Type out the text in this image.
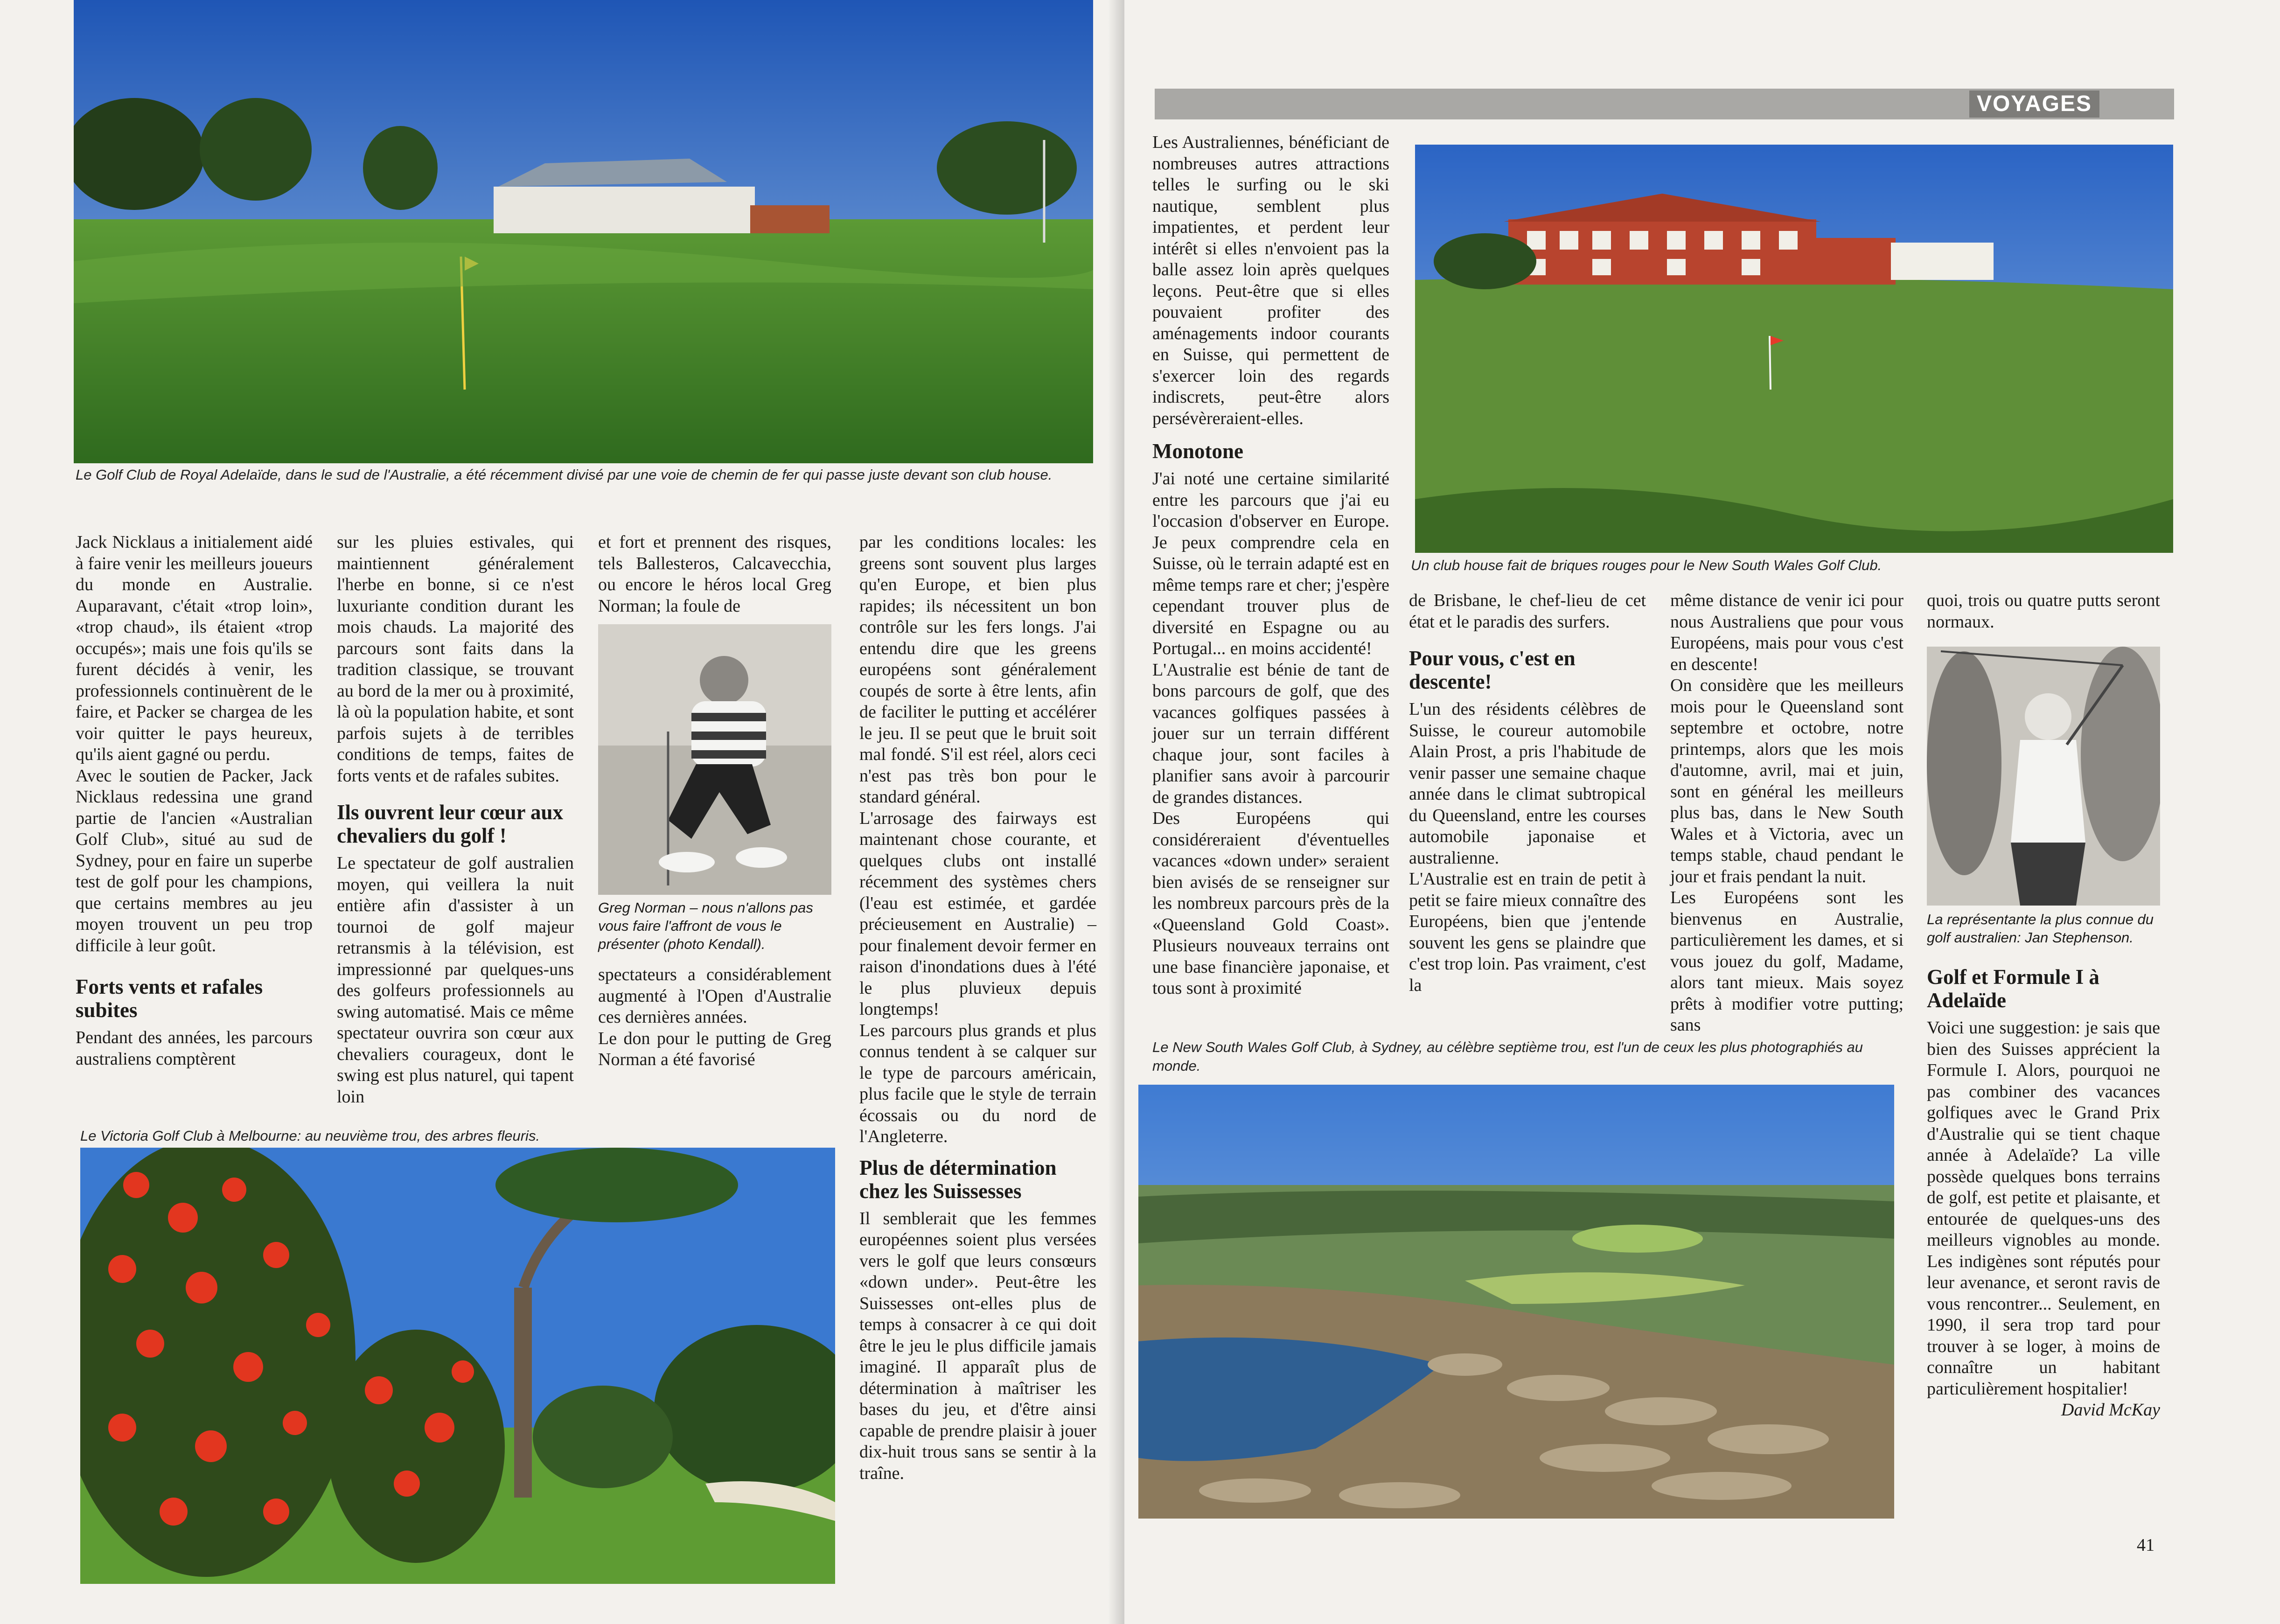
Le Golf Club de Royal Adelaïde, dans le sud de l'Australie, a été récemment divisé par une voie de chemin de fer qui passe juste devant son club house.

Jack Nicklaus a initialement aidé à faire venir les meilleurs joueurs du monde en Australie. Auparavant, c'était «trop loin», «trop chaud», ils étaient «trop occupés»; mais une fois qu'ils se furent décidés à venir, les professionnels continuèrent de le faire, et Packer se chargea de les voir quitter le pays heureux, qu'ils aient gagné ou perdu.

Avec le soutien de Packer, Jack Nicklaus redessina une grand partie de l'ancien «Australian Golf Club», situé au sud de Sydney, pour en faire un superbe test de golf pour les champions, que certains membres au jeu moyen trouvent un peu trop difficile à leur goût.

Forts vents et rafales subites

Pendant des années, les parcours australiens comptèrent

sur les pluies estivales, qui maintiennent généralement l'herbe en bonne, si ce n'est luxuriante condition durant les mois chauds. La majorité des parcours sont faits dans la tradition classique, se trouvant au bord de la mer ou à proximité, là où la population habite, et sont parfois sujets à de terribles conditions de temps, faites de forts vents et de rafales subites.

Ils ouvrent leur cœur aux chevaliers du golf !

Le spectateur de golf australien moyen, qui veillera la nuit entière afin d'assister à un tournoi de golf majeur retransmis à la télévision, est impressionné par quelques-uns des golfeurs professionnels au swing automatisé. Mais ce même spectateur ouvrira son cœur aux chevaliers courageux, dont le swing est plus naturel, qui tapent loin

et fort et prennent des risques, tels Ballesteros, Calcavecchia, ou encore le héros local Greg Norman; la foule de

Greg Norman – nous n'allons pas vous faire l'affront de vous le présenter (photo Kendall).

spectateurs a considérablement augmenté à l'Open d'Australie ces dernières années.

Le don pour le putting de Greg Norman a été favorisé

par les conditions locales: les greens sont souvent plus larges qu'en Europe, et bien plus rapides; ils nécessitent un bon contrôle sur les fers longs. J'ai entendu dire que les greens européens sont généralement coupés de sorte à être lents, afin de faciliter le putting et accélérer le jeu. Il se peut que le bruit soit mal fondé. S'il est réel, alors ceci n'est pas très bon pour le standard général.

L'arrosage des fairways est maintenant chose courante, et quelques clubs ont installé récemment des systèmes chers (l'eau est estimée, et gardée précieusement en Australie) – pour finalement devoir fermer en raison d'inondations dues à l'été le plus pluvieux depuis longtemps!

Les parcours plus grands et plus connus tendent à se calquer sur le type de parcours américain, plus facile que le style de terrain écossais ou du nord de l'Angleterre.

Plus de détermination chez les Suissesses

Il semblerait que les femmes européennes soient plus versées vers le golf que leurs consœurs «down under». Peut-être les Suissesses ont-elles plus de temps à consacrer à ce qui doit être le jeu le plus difficile jamais imaginé. Il apparaît plus de détermination à maîtriser les bases du jeu, et d'être ainsi capable de prendre plaisir à jouer dix-huit trous sans se sentir à la traîne.

Le Victoria Golf Club à Melbourne: au neuvième trou, des arbres fleuris.
VOYAGES
Un club house fait de briques rouges pour le New South Wales Golf Club.

Les Australiennes, bénéficiant de nombreuses autres attractions telles le surfing ou le ski nautique, semblent plus impatientes, et perdent leur intérêt si elles n'envoient pas la balle assez loin après quelques leçons. Peut-être que si elles pouvaient profiter des aménagements indoor courants en Suisse, qui permettent de s'exercer loin des regards indiscrets, peut-être alors persévèreraient-elles.

Monotone

J'ai noté une certaine similarité entre les parcours que j'ai eu l'occasion d'observer en Europe. Je peux comprendre cela en Suisse, où le terrain adapté est en même temps rare et cher; j'espère cependant trouver plus de diversité en Espagne ou au Portugal... en moins accidenté!

L'Australie est bénie de tant de bons parcours de golf, que des vacances golfiques passées à jouer sur un terrain différent chaque jour, sont faciles à planifier sans avoir à parcourir de grandes distances.

Des Européens qui considéreraient d'éventuelles vacances «down under» seraient bien avisés de se renseigner sur les nombreux parcours près de la «Queensland Gold Coast». Plusieurs nouveaux terrains ont une base financière japonaise, et tous sont à proximité

de Brisbane, le chef-lieu de cet état et le paradis des surfers.

Pour vous, c'est en descente!

L'un des résidents célèbres de Suisse, le coureur automobile Alain Prost, a pris l'habitude de venir passer une semaine chaque année dans le climat subtropical du Queensland, entre les courses automobile japonaise et australienne.

L'Australie est en train de petit à petit se faire mieux connaître des Européens, bien que j'entende souvent les gens se plaindre que c'est trop loin. Pas vraiment, c'est la

même distance de venir ici pour nous Australiens que pour vous Européens, mais pour vous c'est en descente!

On considère que les meilleurs mois pour le Queensland sont septembre et octobre, notre printemps, alors que les mois d'automne, avril, mai et juin, sont en général les meilleurs plus bas, dans le New South Wales et à Victoria, avec un temps stable, chaud pendant le jour et frais pendant la nuit.

Les Européens sont les bienvenus en Australie, particulièrement les dames, et si vous jouez du golf, Madame, alors tant mieux. Mais soyez prêts à modifier votre putting; sans

Le New South Wales Golf Club, à Sydney, au célèbre septième trou, est l'un de ceux les plus photographiés au monde.

quoi, trois ou quatre putts seront normaux.

La représentante la plus connue du golf australien: Jan Stephenson.
Golf et Formule I à Adelaïde

Voici une suggestion: je sais que bien des Suisses apprécient la Formule I. Alors, pourquoi ne pas combiner des vacances golfiques avec le Grand Prix d'Australie qui se tient chaque année à Adelaïde? La ville possède quelques bons terrains de golf, est petite et plaisante, et entourée de quelques-uns des meilleurs vignobles au monde. Les indigènes sont réputés pour leur avenance, et seront ravis de vous rencontrer... Seulement, en 1990, il sera trop tard pour trouver à se loger, à moins de connaître un habitant particulièrement hospitalier!

David McKay

41
